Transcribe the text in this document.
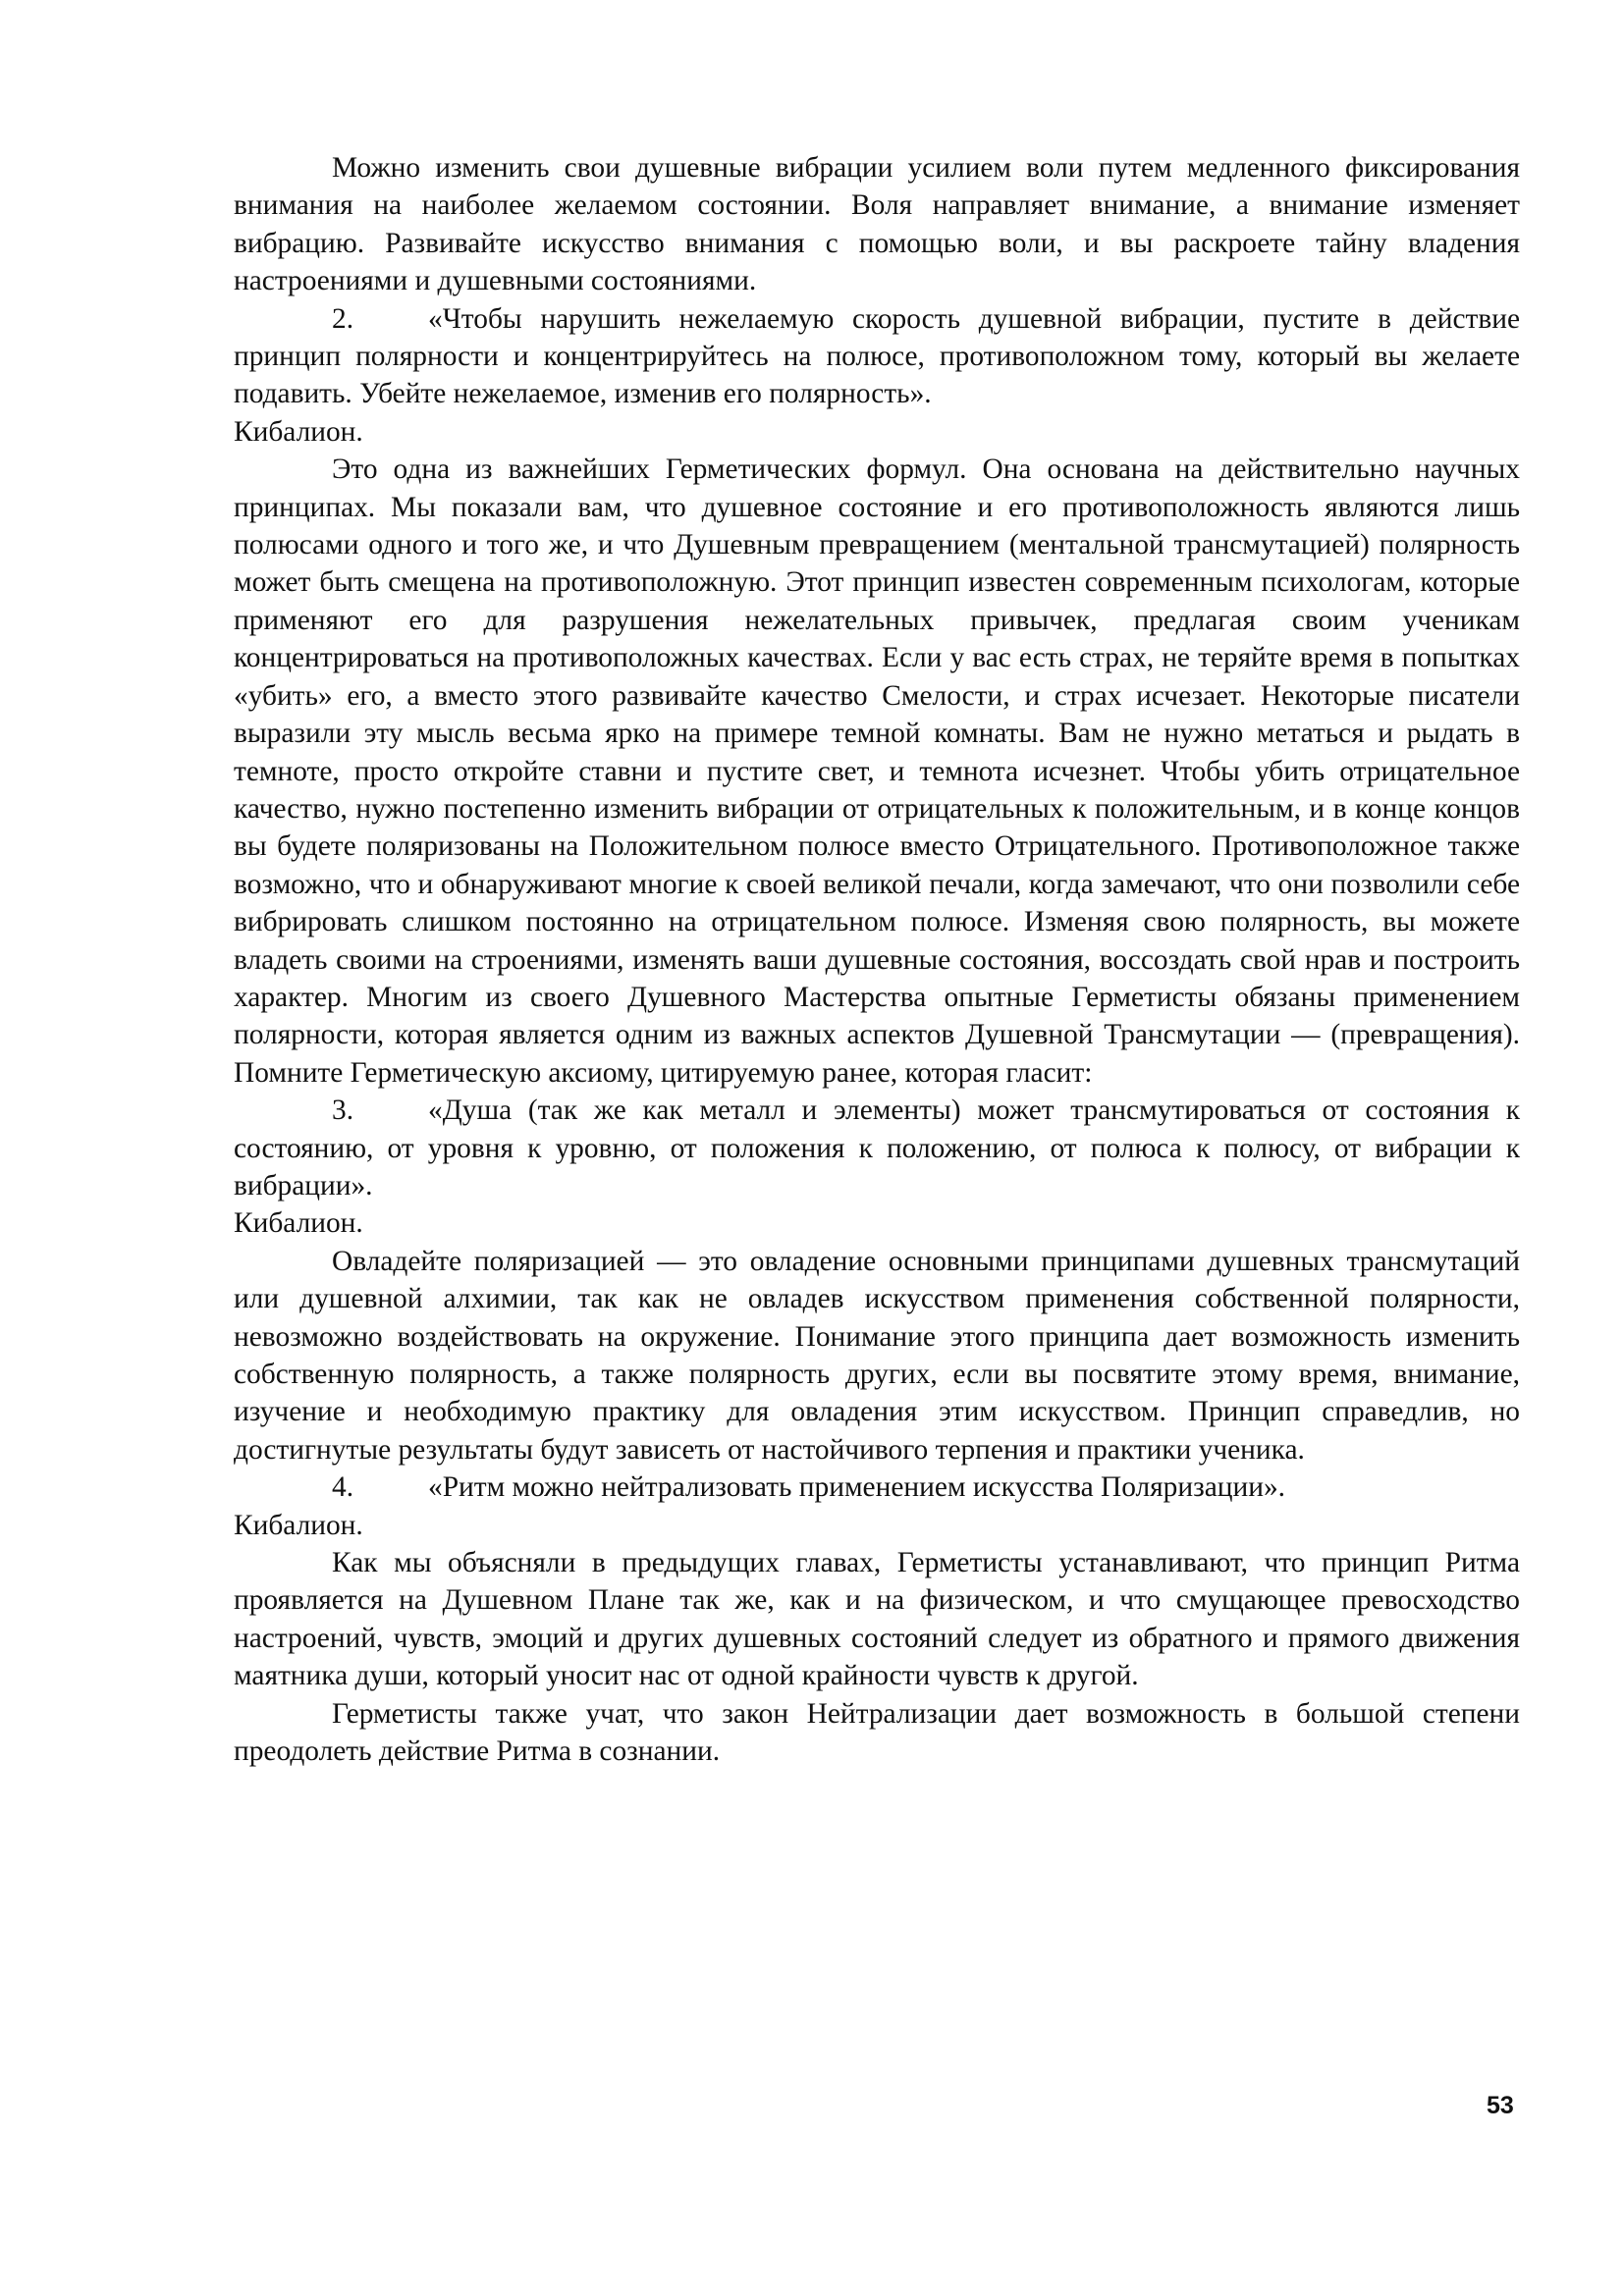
Можно изменить свои душевные вибрации усилием воли путем медленного фиксирования внимания на наиболее желаемом состоянии. Воля направляет внимание, а внимание изменяет вибрацию. Развивайте искусство внимания с помощью воли, и вы раскроете тайну владения настроениями и душевными состояниями.

2.	«Чтобы нарушить нежелаемую скорость душевной вибрации, пустите в действие принцип полярности и концентрируйтесь на полюсе, противоположном тому, который вы желаете подавить. Убейте нежелаемое, изменив его полярность».

Кибалион.

Это одна из важнейших Герметических формул. Она основана на действительно научных принципах. Мы показали вам, что душевное состояние и его противоположность являются лишь полюсами одного и того же, и что Душевным превращением (ментальной трансмутацией) полярность может быть смещена на противоположную. Этот принцип известен современным психологам, которые применяют его для разрушения нежелательных привычек, предлагая своим ученикам концентрироваться на противоположных качествах. Если у вас есть страх, не теряйте время в попытках «убить» его, а вместо этого развивайте качество Смелости, и страх исчезает. Некоторые писатели выразили эту мысль весьма ярко на примере темной комнаты. Вам не нужно метаться и рыдать в темноте, просто откройте ставни и пустите свет, и темнота исчезнет. Чтобы убить отрицательное качество, нужно постепенно изменить вибрации от отрицательных к положительным, и в конце концов вы будете поляризованы на Положительном полюсе вместо Отрицательного. Противоположное также возможно, что и обнаруживают многие к своей великой печали, когда замечают, что они позволили себе вибрировать слишком постоянно на отрицательном полюсе. Изменяя свою полярность, вы можете владеть своими на строениями, изменять ваши душевные состояния, воссоздать свой нрав и построить характер. Многим из своего Душевного Мастерства опытные Герметисты обязаны применением полярности, которая является одним из важных аспектов Душевной Трансмутации — (превращения). Помните Герметическую аксиому, цитируемую ранее, которая гласит:

3.	«Душа (так же как металл и элементы) может трансмутироваться от состояния к состоянию, от уровня к уровню, от положения к положению, от полюса к полюсу, от вибрации к вибрации».

Кибалион.

Овладейте поляризацией — это овладение основными принципами душевных трансмутаций или душевной алхимии, так как не овладев искусством применения собственной полярности, невозможно воздействовать на окружение. Понимание этого принципа дает возможность изменить собственную полярность, а также полярность других, если вы посвятите этому время, внимание, изучение и необходимую практику для овладения этим искусством. Принцип справедлив, но достигнутые результаты будут зависеть от настойчивого терпения и практики ученика.

4.	«Ритм можно нейтрализовать применением искусства Поляризации».

Кибалион.

Как мы объясняли в предыдущих главах, Герметисты устанавливают, что принцип Ритма проявляется на Душевном Плане так же, как и на физическом, и что смущающее превосходство настроений, чувств, эмоций и других душевных состояний следует из обратного и прямого движения маятника души, который уносит нас от одной крайности чувств к другой.

Герметисты также учат, что закон Нейтрализации дает возможность в большой степени преодолеть действие Ритма в сознании.

53
